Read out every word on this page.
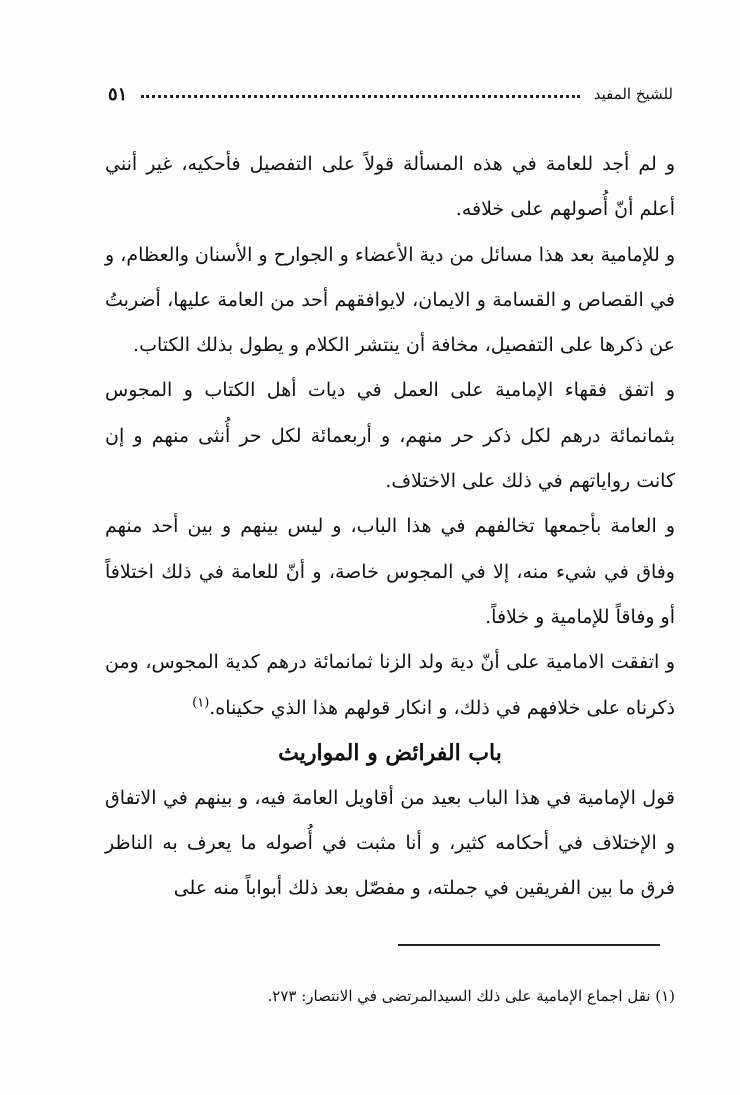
للشيخ المفيد
٥١

و لم أجد للعامة في هذه المسألة قولاً على التفصيل فأحكيه، غير أنني أعلم أنّ أُصولهم على خلافه.

و للإمامية بعد هذا مسائل من دية الأعضاء و الجوارح و الأسنان والعظام، و في القصاص و القسامة و الايمان، لايوافقهم أحد من العامة عليها، أضربتُ عن ذكرها على التفصيل، مخافة أن ينتشر الكلام و يطول بذلك الكتاب.

و اتفق فقهاء الإمامية على العمل في ديات أهل الكتاب و المجوس بثمانمائة درهم لكل ذكر حر منهم، و أربعمائة لكل حر أُنثى منهم و إن كانت رواياتهم في ذلك على الاختلاف.

و العامة بأجمعها تخالفهم في هذا الباب، و ليس بينهم و بين أحد منهم وفاق في شيء منه، إلا في المجوس خاصة، و أنّ للعامة في ذلك اختلافاً أو وفاقاً للإمامية و خلافاً.

و اتفقت الامامية على أنّ دية ولد الزنا ثمانمائة درهم كدية المجوس، ومن ذكرناه على خلافهم في ذلك، و انكار قولهم هذا الذي حكيناه.$^{(١)}$

باب الفرائض و المواريث

قول الإمامية في هذا الباب بعيد من أقاويل العامة فيه، و بينهم في الاتفاق و الإختلاف في أحكامه كثير، و أنا مثبت في أُصوله ما يعرف به الناظر فرق ما بين الفريقين في جملته، و مفصّل بعد ذلك أبواباً منه على

(١) نقل اجماع الإمامية على ذلك السيدالمرتضى في الانتصار: ٢٧٣.
